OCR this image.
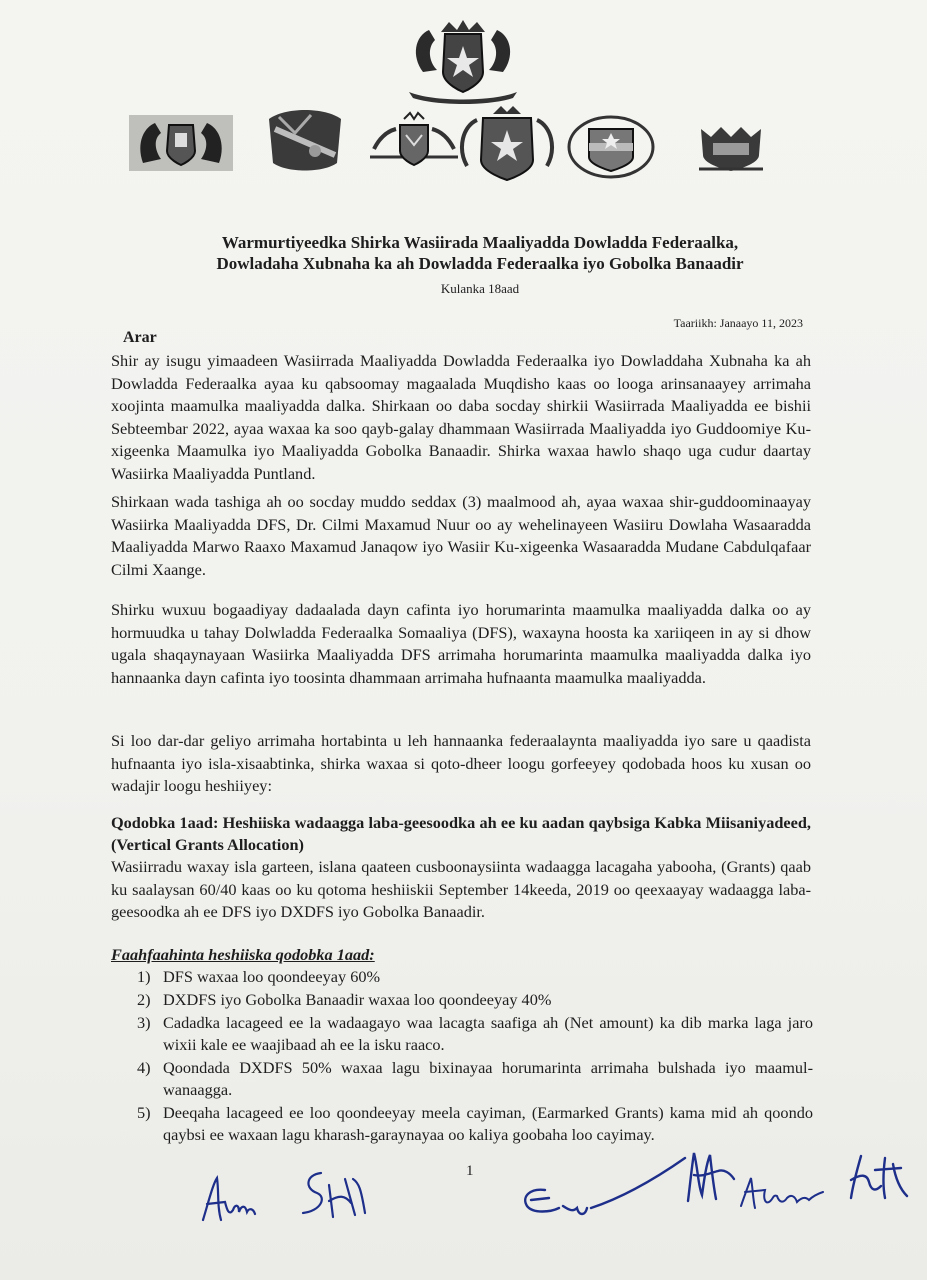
Warmurtiyeedka Shirka Wasiirada Maaliyadda Dowladda Federaalka,
Dowladaha Xubnaha ka ah Dowladda Federaalka iyo Gobolka Banaadir
Kulanka 18aad
Taariikh: Janaayo 11, 2023
Arar
Shir ay isugu yimaadeen Wasiirrada Maaliyadda Dowladda Federaalka iyo Dowladdaha Xubnaha ka ah Dowladda Federaalka ayaa ku qabsoomay magaalada Muqdisho kaas oo looga arinsanaayey arrimaha xoojinta maamulka maaliyadda dalka. Shirkaan oo daba socday shirkii Wasiirrada Maaliyadda ee bishii Sebteembar 2022, ayaa waxaa ka soo qayb-galay dhammaan Wasiirrada Maaliyadda iyo Guddoomiye Ku-xigeenka Maamulka iyo Maaliyadda Gobolka Banaadir. Shirka waxaa hawlo shaqo uga cudur daartay Wasiirka Maaliyadda Puntland.
Shirkaan wada tashiga ah oo socday muddo seddax (3) maalmood ah, ayaa waxaa shir-guddoominaayay Wasiirka Maaliyadda DFS, Dr. Cilmi Maxamud Nuur oo ay wehelinayeen Wasiiru Dowlaha Wasaaradda Maaliyadda Marwo Raaxo Maxamud Janaqow iyo Wasiir Ku-xigeenka Wasaaradda Mudane Cabdulqafaar Cilmi Xaange.
Shirku wuxuu bogaadiyay dadaalada dayn cafinta iyo horumarinta maamulka maaliyadda dalka oo ay hormuudka u tahay Dolwladda Federaalka Somaaliya (DFS), waxayna hoosta ka xariiqeen in ay si dhow ugala shaqaynayaan Wasiirka Maaliyadda DFS arrimaha horumarinta maamulka maaliyadda dalka iyo hannaanka dayn cafinta iyo toosinta dhammaan arrimaha hufnaanta maamulka maaliyadda.
Si loo dar-dar geliyo arrimaha hortabinta u leh hannaanka federaalaynta maaliyadda iyo sare u qaadista hufnaanta iyo isla-xisaabtinka, shirka waxaa si qoto-dheer loogu gorfeeyey qodobada hoos ku xusan oo wadajir loogu heshiiyey:
Qodobka 1aad: Heshiiska wadaagga laba-geesoodka ah ee ku aadan qaybsiga Kabka Miisaniyadeed, (Vertical Grants Allocation)
Wasiirradu waxay isla garteen, islana qaateen cusboonaysiinta wadaagga lacagaha yabooha, (Grants) qaab ku saalaysan 60/40 kaas oo ku qotoma heshiiskii September 14keeda, 2019 oo qeexaayay wadaagga laba-geesoodka ah ee DFS iyo DXDFS iyo Gobolka Banaadir.
Faahfaahinta heshiiska qodobka 1aad:
1) DFS waxaa loo qoondeeyay 60%
2) DXDFS iyo Gobolka Banaadir waxaa loo qoondeeyay 40%
3) Cadadka lacageed ee la wadaagayo waa lacagta saafiga ah (Net amount) ka dib marka laga jaro wixii kale ee waajibaad ah ee la isku raaco.
4) Qoondada DXDFS 50% waxaa lagu bixinayaa horumarinta arrimaha bulshada iyo maamul-wanaagga.
5) Deeqaha lacageed ee loo qoondeeyay meela cayiman, (Earmarked Grants) kama mid ah qoondo qaybsi ee waxaan lagu kharash-garaynayaa oo kaliya goobaha loo cayimay.
1
